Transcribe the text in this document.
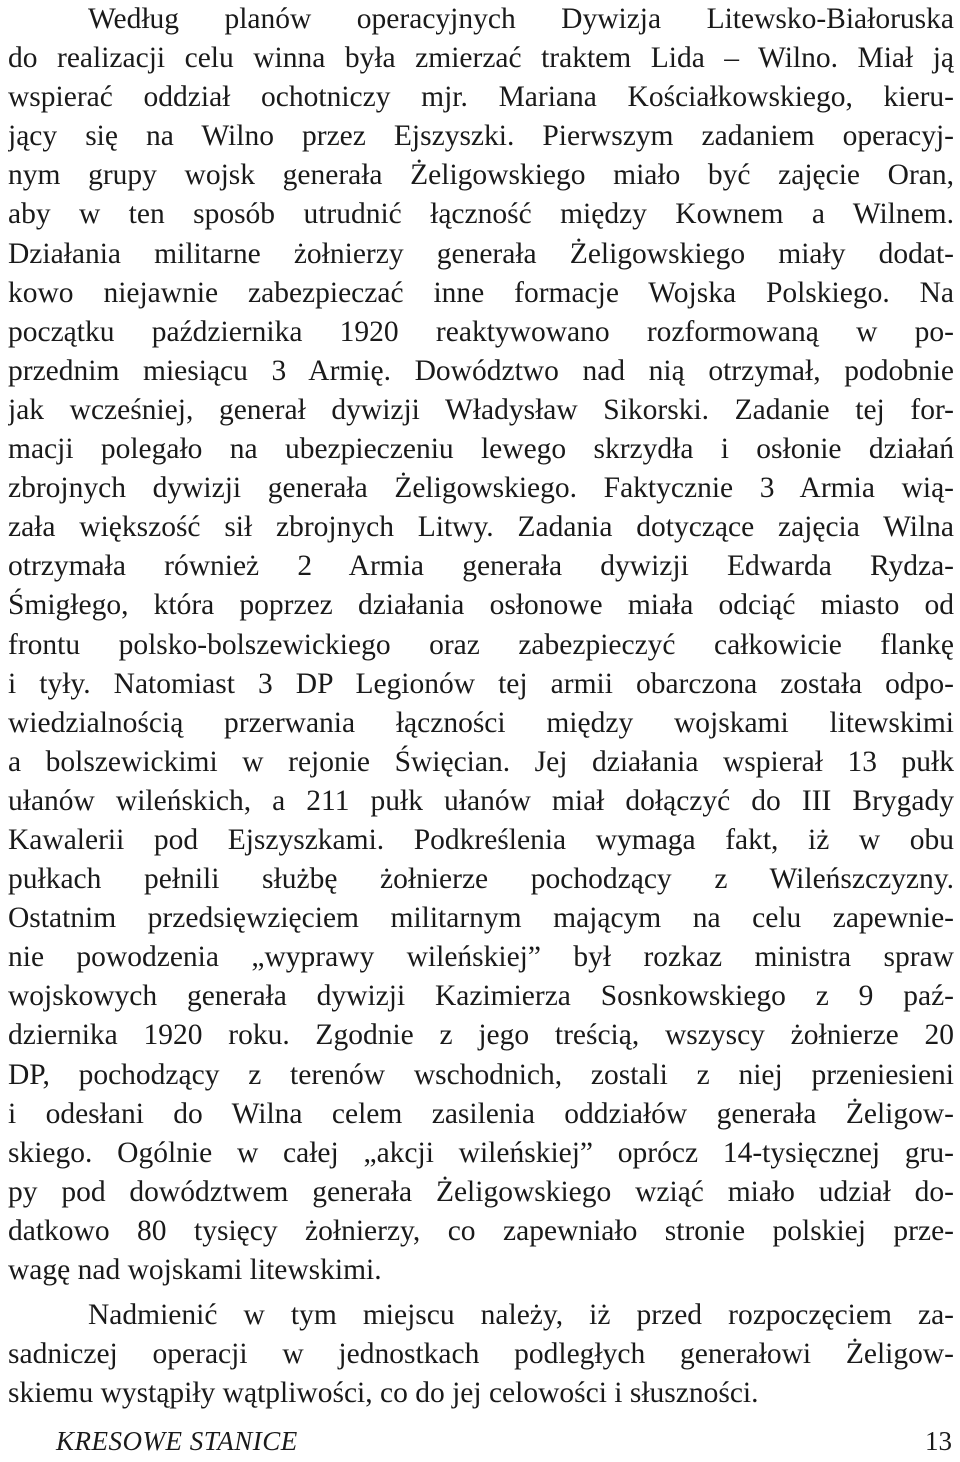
Według planów operacyjnych Dywizja Litewsko-Białoruska
do realizacji celu winna była zmierzać traktem Lida – Wilno. Miał ją
wspierać oddział ochotniczy mjr. Mariana Kościałkowskiego, kieru-
jący się na Wilno przez Ejszyszki. Pierwszym zadaniem operacyj-
nym grupy wojsk generała Żeligowskiego miało być zajęcie Oran,
aby w ten sposób utrudnić łączność między Kownem a Wilnem.
Działania militarne żołnierzy generała Żeligowskiego miały dodat-
kowo niejawnie zabezpieczać inne formacje Wojska Polskiego. Na
początku października 1920 reaktywowano rozformowaną w po-
przednim miesiącu 3 Armię. Dowództwo nad nią otrzymał, podobnie
jak wcześniej, generał dywizji Władysław Sikorski. Zadanie tej for-
macji polegało na ubezpieczeniu lewego skrzydła i osłonie działań
zbrojnych dywizji generała Żeligowskiego. Faktycznie 3 Armia wią-
zała większość sił zbrojnych Litwy. Zadania dotyczące zajęcia Wilna
otrzymała również 2 Armia generała dywizji Edwarda Rydza-
Śmigłego, która poprzez działania osłonowe miała odciąć miasto od
frontu polsko-bolszewickiego oraz zabezpieczyć całkowicie flankę
i tyły. Natomiast 3 DP Legionów tej armii obarczona została odpo-
wiedzialnością przerwania łączności między wojskami litewskimi
a bolszewickimi w rejonie Święcian. Jej działania wspierał 13 pułk
ułanów wileńskich, a 211 pułk ułanów miał dołączyć do III Brygady
Kawalerii pod Ejszyszkami. Podkreślenia wymaga fakt, iż w obu
pułkach pełnili służbę żołnierze pochodzący z Wileńszczyzny.
Ostatnim przedsięwzięciem militarnym mającym na celu zapewnie-
nie powodzenia „wyprawy wileńskiej” był rozkaz ministra spraw
wojskowych generała dywizji Kazimierza Sosnkowskiego z 9 paź-
dziernika 1920 roku. Zgodnie z jego treścią, wszyscy żołnierze 20
DP, pochodzący z terenów wschodnich, zostali z niej przeniesieni
i odesłani do Wilna celem zasilenia oddziałów generała Żeligow-
skiego. Ogólnie w całej „akcji wileńskiej” oprócz 14-tysięcznej gru-
py pod dowództwem generała Żeligowskiego wziąć miało udział do-
datkowo 80 tysięcy żołnierzy, co zapewniało stronie polskiej prze-
wagę nad wojskami litewskimi.
Nadmienić w tym miejscu należy, iż przed rozpoczęciem za-
sadniczej operacji w jednostkach podległych generałowi Żeligow-
skiemu wystąpiły wątpliwości, co do jej celowości i słuszności.
KRESOWE STANICE	13
